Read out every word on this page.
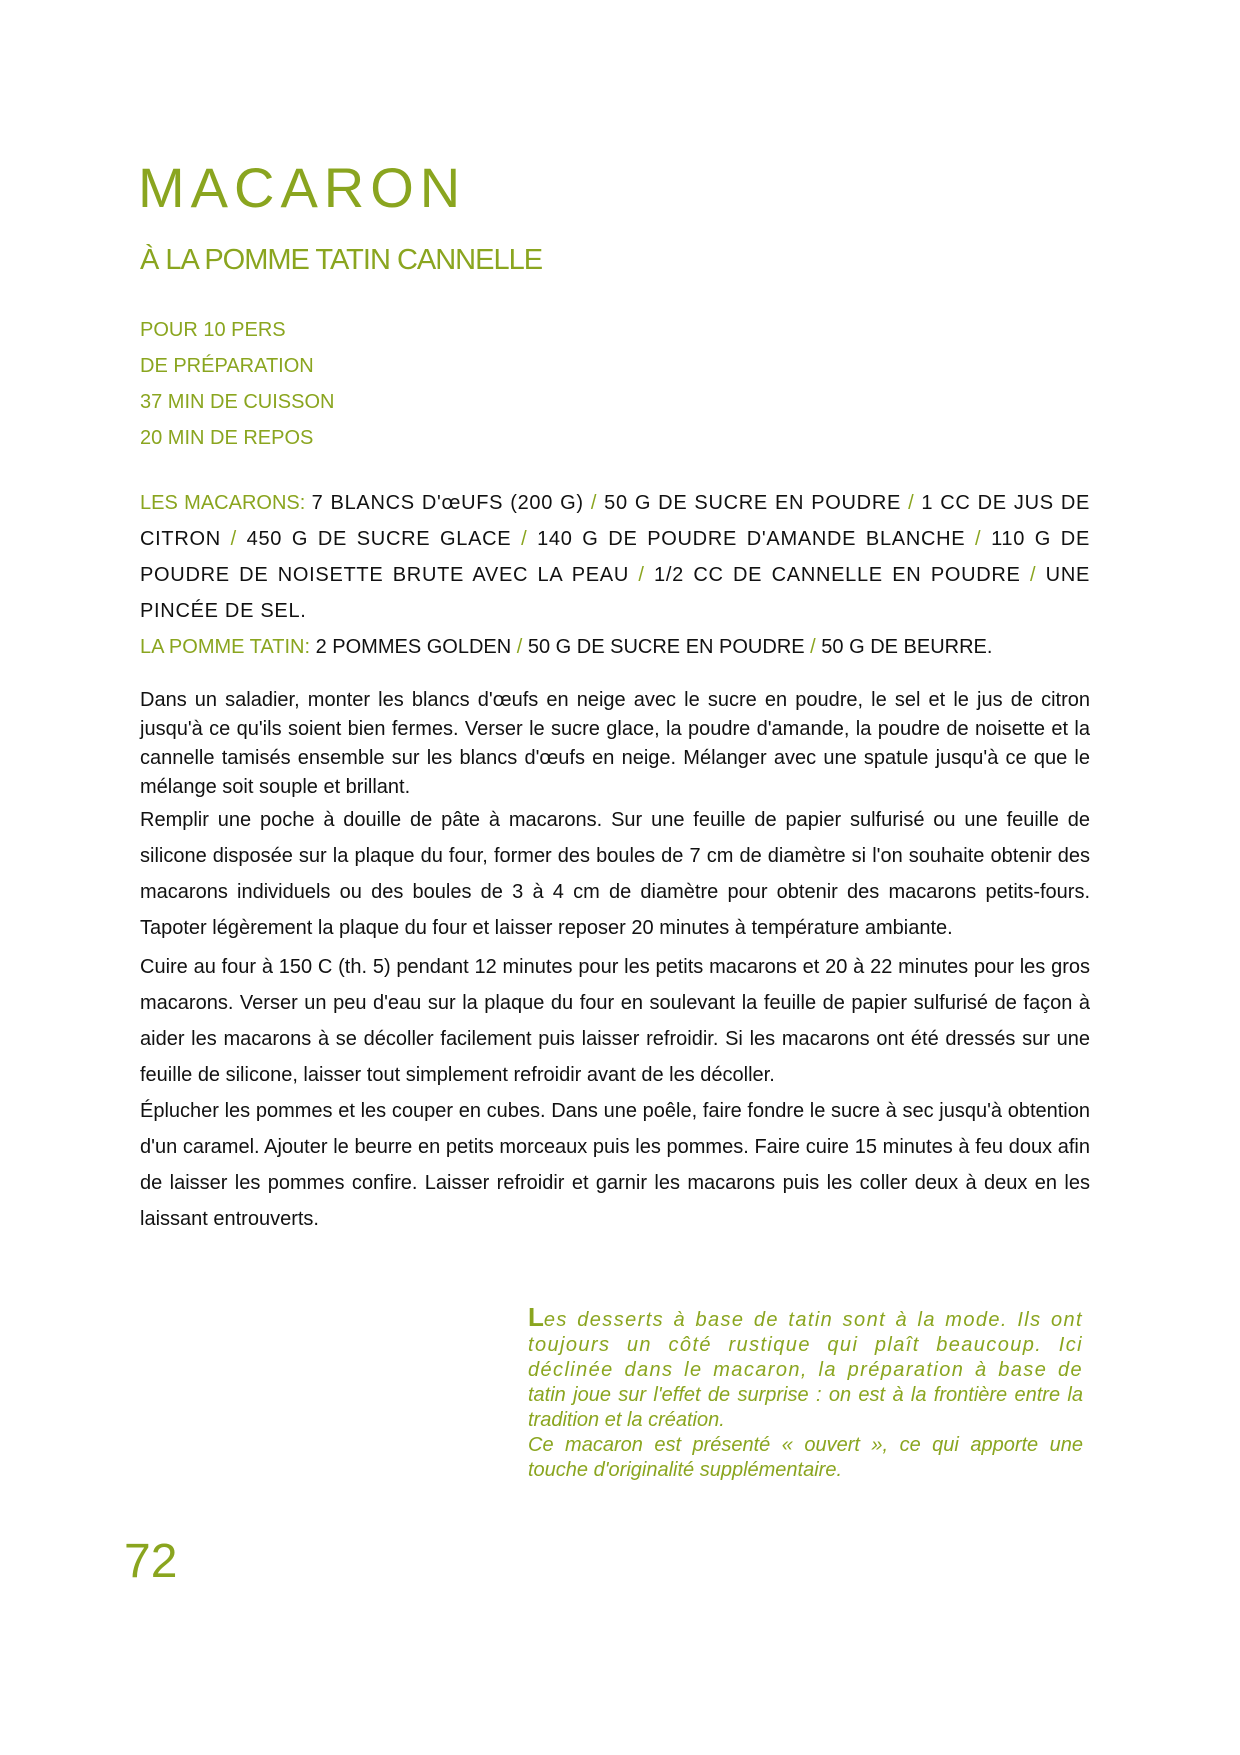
MACARON
À LA POMME TATIN CANNELLE
POUR 10 PERS
DE PRÉPARATION
37 MIN DE CUISSON
20 MIN DE REPOS

LES MACARONS: 7 BLANCS D'œUFS (200 G) / 50 G DE SUCRE EN POUDRE / 1 CC DE JUS DE CITRON / 450 G DE SUCRE GLACE / 140 G DE POUDRE D'AMANDE BLANCHE / 110 G DE POUDRE DE NOISETTE BRUTE AVEC LA PEAU / 1/2 CC DE CANNELLE EN POUDRE / UNE PINCÉE DE SEL.

LA POMME TATIN: 2 POMMES GOLDEN / 50 G DE SUCRE EN POUDRE / 50 G DE BEURRE.

Dans un saladier, monter les blancs d'œufs en neige avec le sucre en poudre, le sel et le jus de citron jusqu'à ce qu'ils soient bien fermes. Verser le sucre glace, la poudre d'amande, la poudre de noisette et la cannelle tamisés ensemble sur les blancs d'œufs en neige. Mélanger avec une spatule jusqu'à ce que le mélange soit souple et brillant.

Remplir une poche à douille de pâte à macarons. Sur une feuille de papier sulfurisé ou une feuille de silicone disposée sur la plaque du four, former des boules de 7 cm de diamètre si l'on souhaite obtenir des macarons individuels ou des boules de 3 à 4 cm de diamètre pour obtenir des macarons petits-fours. Tapoter légèrement la plaque du four et laisser reposer 20 minutes à température ambiante.

Cuire au four à 150 C (th. 5) pendant 12 minutes pour les petits macarons et 20 à 22 minutes pour les gros macarons. Verser un peu d'eau sur la plaque du four en soulevant la feuille de papier sulfurisé de façon à aider les macarons à se décoller facilement puis laisser refroidir. Si les macarons ont été dressés sur une feuille de silicone, laisser tout simplement refroidir avant de les décoller.

Éplucher les pommes et les couper en cubes. Dans une poêle, faire fondre le sucre à sec jusqu'à obtention d'un caramel. Ajouter le beurre en petits morceaux puis les pommes. Faire cuire 15 minutes à feu doux afin de laisser les pommes confire. Laisser refroidir et garnir les macarons puis les coller deux à deux en les laissant entrouverts.

Les desserts à base de tatin sont à la mode. Ils ont toujours un côté rustique qui plaît beaucoup. Ici déclinée dans le macaron, la préparation à base de tatin joue sur l'effet de surprise : on est à la frontière entre la tradition et la création.

Ce macaron est présenté « ouvert », ce qui apporte une touche d'originalité supplémentaire.

72
